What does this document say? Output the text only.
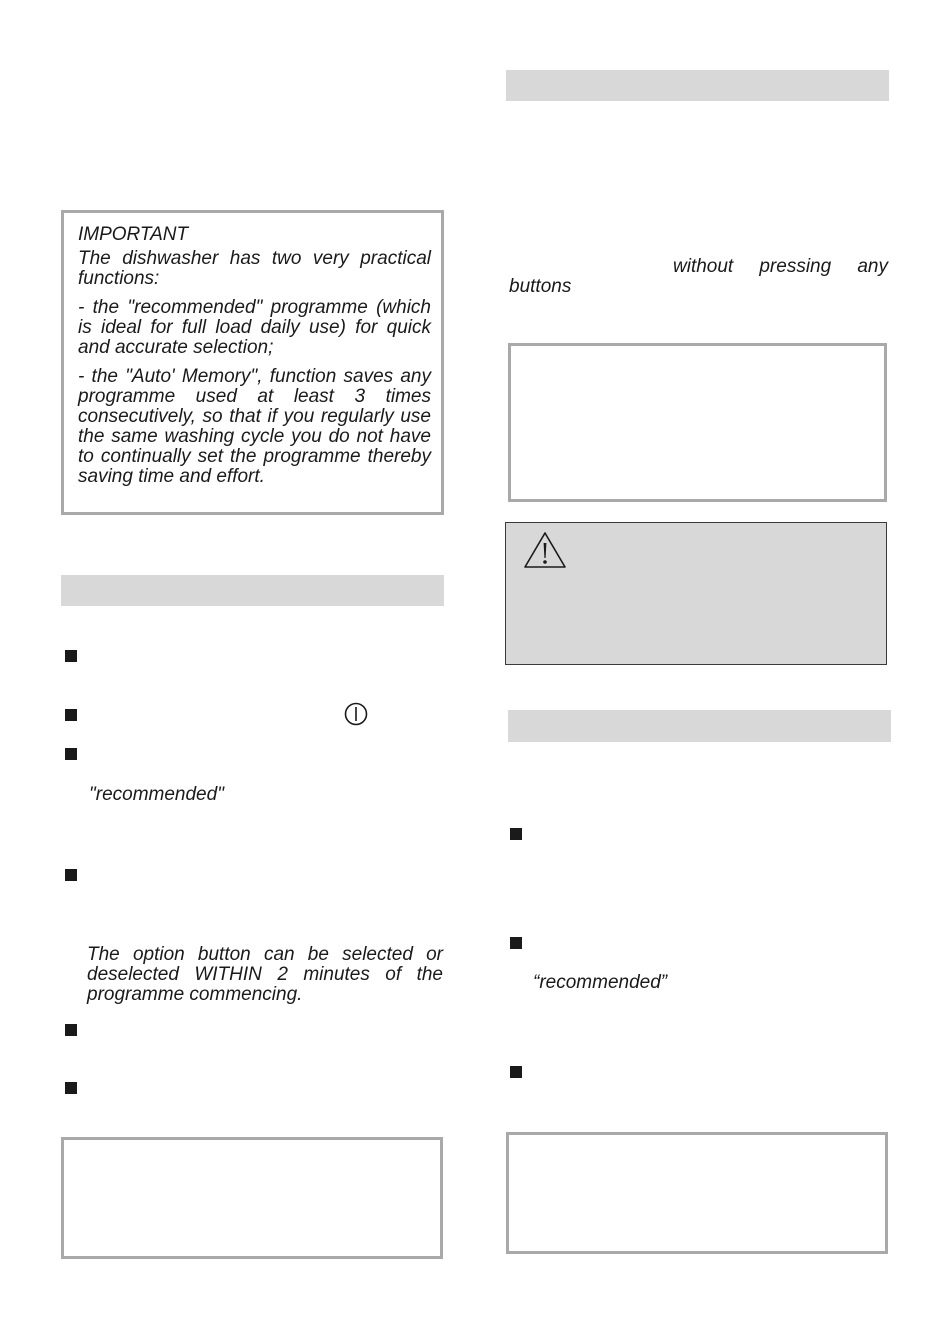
IMPORTANT
The dishwasher has two very practical functions:
- the "recommended" programme (which is ideal for full load daily use) for quick and accurate selection;
- the "Auto' Memory", function saves any programme used at least 3 times consecutively, so that if you regularly use the same washing cycle you do not have to continually set the programme thereby saving time and effort.
"recommended"
The option button can be selected or deselected WITHIN 2 minutes of the programme commencing.
without pressing any
buttons
“recommended”
